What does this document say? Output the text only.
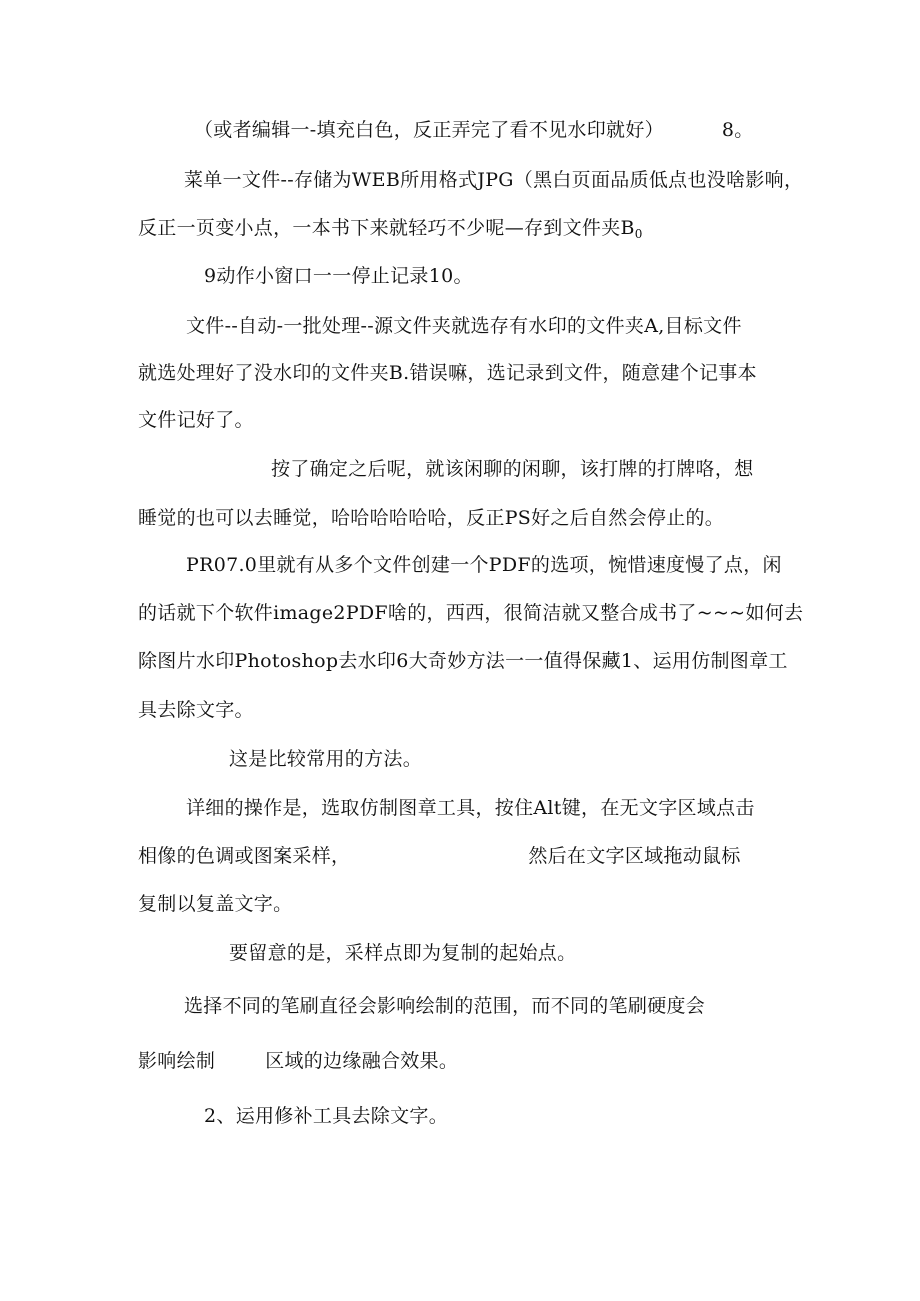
（或者编辑一-填充白色，反正弄完了看不见水印就好）	8。
菜单一文件--存储为WEB所用格式JPG（黑白页面品质低点也没啥影响，
反正一页变小点，一本书下来就轻巧不少呢—存到文件夹$B_0$
9动作小窗口一一停止记录10。
文件--自动-一批处理--源文件夹就选存有水印的文件夹A,目标文件
就选处理好了没水印的文件夹B.错误嘛，选记录到文件，随意建个记事本
文件记好了。
按了确定之后呢，就该闲聊的闲聊，该打牌的打牌咯，想
睡觉的也可以去睡觉，哈哈哈哈哈哈，反正PS好之后自然会停止的。
PR07.0里就有从多个文件创建一个PDF的选项，惋惜速度慢了点，闲
的话就下个软件image2PDF啥的，西西，很简洁就又整合成书了~~~如何去
除图片水印Photoshop去水印6大奇妙方法一一值得保藏1、运用仿制图章工
具去除文字。
这是比较常用的方法。
详细的操作是，选取仿制图章工具，按住Alt键，在无文字区域点击
相像的色调或图案采样，	然后在文字区域拖动鼠标
复制以复盖文字。
要留意的是，采样点即为复制的起始点。
选择不同的笔刷直径会影响绘制的范围，而不同的笔刷硬度会
影响绘制	区域的边缘融合效果。
2、运用修补工具去除文字。
